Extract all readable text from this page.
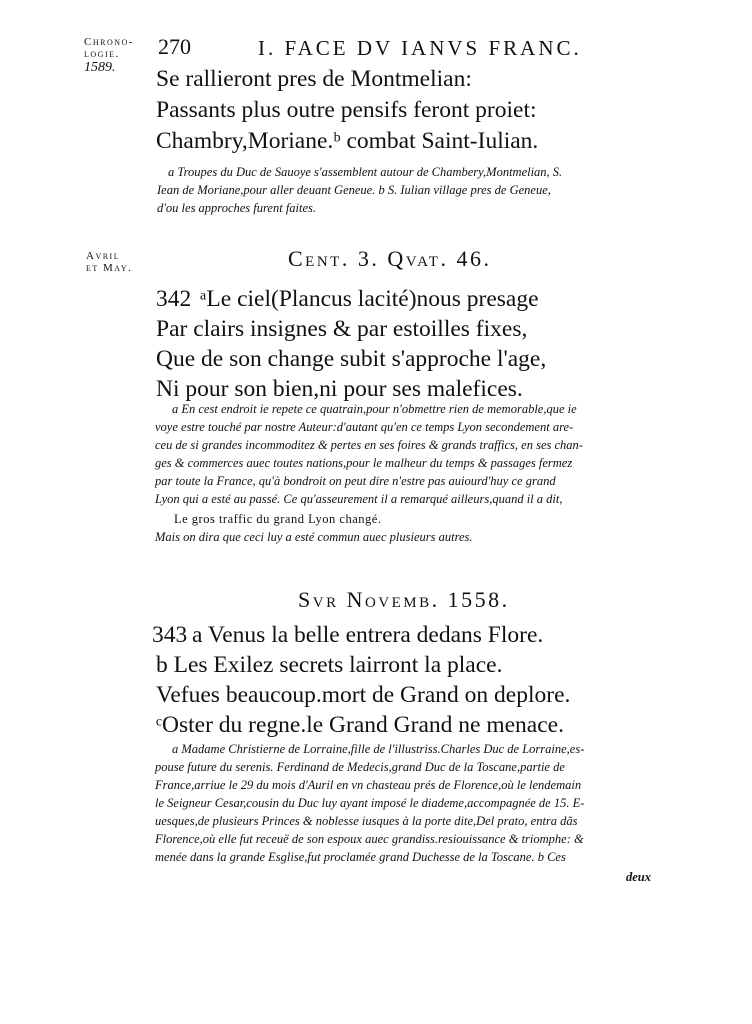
Chrono-
logie.
1589.
270	I. FACE DV IANVS FRANC.
Se rallieront pres de Montmelian:
Passants plus outre pensifs feront proiet:
Chambry,Moriane.ᵇ combat Saint-Iulian.
a Troupes du Duc de Sauoye s'assemblent autour de Chambery,Montmelian, S.
Iean de Moriane,pour aller deuant Geneue. b S. Iulian village pres de Geneue,
d'ou les approches furent faites.
Avril
et May.	Cent. 3. Qvat. 46.
342 ᵃLe ciel(Plancus lacité)nous presage
Par clairs insignes & par estoilles fixes,
Que de son change subit s'approche l'age,
Ni pour son bien,ni pour ses malefices.
a En cest endroit ie repete ce quatrain,pour n'obmettre rien de memorable,que ie
voye estre touché par nostre Auteur:d'autant qu'en ce temps Lyon secondement are-
ceu de si grandes incommoditez & pertes en ses foires & grands traffics, en ses chan-
ges & commerces auec toutes nations,pour le malheur du temps & passages fermez
par toute la France, qu'à bondroit on peut dire n'estre pas auiourd'huy ce grand
Lyon qui a esté au passé. Ce qu'asseurement il a remarqué ailleurs,quand il a dit,
Le gros traffic du grand Lyon changé.
Mais on dira que ceci luy a esté commun auec plusieurs autres.
Svr Novemb. 1558.
343 a Venus la belle entrera dedans Flore.
b Les Exilez secrets lairront la place.
Vefues beaucoup.mort de Grand on deplore.
ᶜOster du regne.le Grand Grand ne menace.
a Madame Christierne de Lorraine,fille de l'illustriss.Charles Duc de Lorraine,es-
pouse future du serenis. Ferdinand de Medecis,grand Duc de la Toscane,partie de
France,arriue le 29 du mois d'Auril en vn chasteau prés de Florence,où le lendemain
le Seigneur Cesar,cousin du Duc luy ayant imposé le diademe,accompagnée de 15. E-
uesques,de plusieurs Princes & noblesse iusques à la porte dite,Del prato, entra dãs
Florence,où elle fut receuë de son espoux auec grandiss.resiouissance & triomphe: &
menée dans la grande Esglise,fut proclamée grand Duchesse de la Toscane. b Ces
deux
